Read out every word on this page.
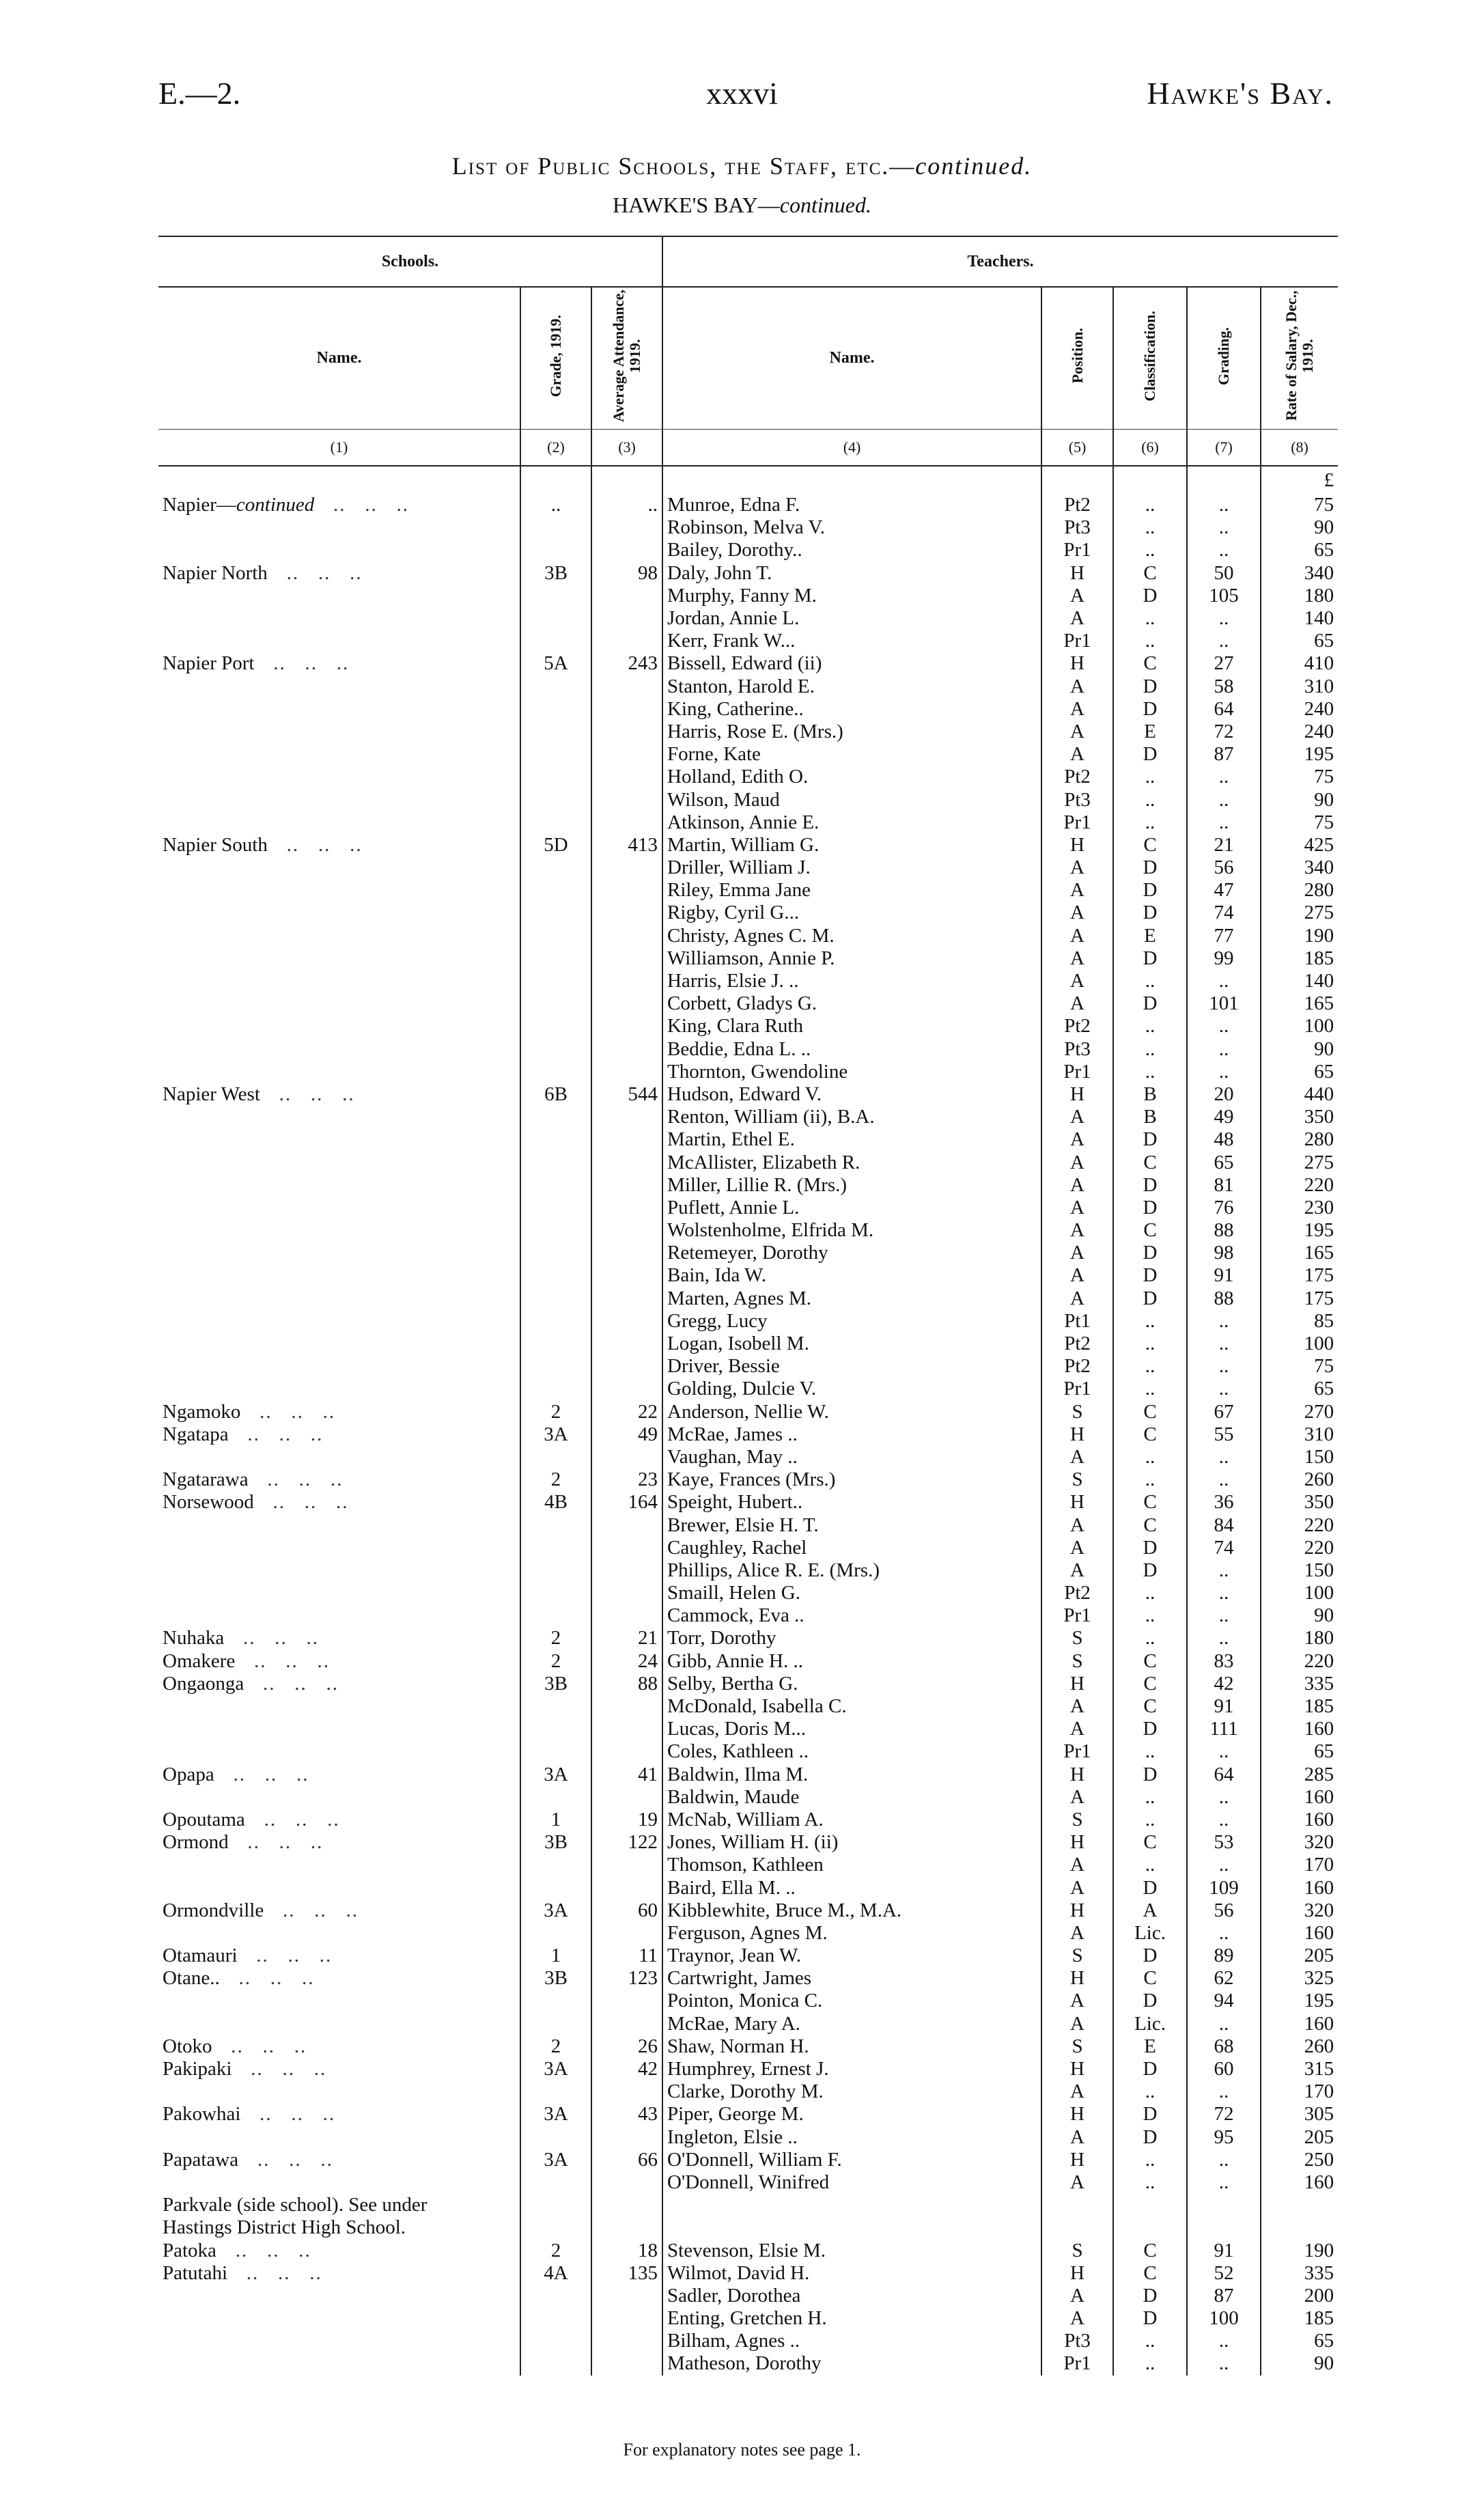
E.—2.	xxxvi	Hawke's Bay.
List of Public Schools, the Staff, etc.—continued.
HAWKE'S BAY—continued.
Schools.			Teachers.				
Name.	Grade, 1919.	Average Attendance, 1919.	Name.	Position.	Classification.	Grading.	Rate of Salary, Dec., 1919.
(1)	(2)	(3)	(4)	(5)	(6)	(7)	(8)
							£
Napier—continued   ..   ..   ..	..	..	Munroe, Edna F.	Pt2	..	..	75
			Robinson, Melva V.	Pt3	..	..	90
			Bailey, Dorothy..	Pr1	..	..	65
Napier North   ..   ..   ..	3B	98	Daly, John T.	H	C	50	340
			Murphy, Fanny M.	A	D	105	180
			Jordan, Annie L.	A	..	..	140
			Kerr, Frank W...	Pr1	..	..	65
Napier Port   ..   ..   ..	5A	243	Bissell, Edward (ii)	H	C	27	410
			Stanton, Harold E.	A	D	58	310
			King, Catherine..	A	D	64	240
			Harris, Rose E. (Mrs.)	A	E	72	240
			Forne, Kate	A	D	87	195
			Holland, Edith O.	Pt2	..	..	75
			Wilson, Maud	Pt3	..	..	90
			Atkinson, Annie E.	Pr1	..	..	75
Napier South   ..   ..   ..	5D	413	Martin, William G.	H	C	21	425
			Driller, William J.	A	D	56	340
			Riley, Emma Jane	A	D	47	280
			Rigby, Cyril G...	A	D	74	275
			Christy, Agnes C. M.	A	E	77	190
			Williamson, Annie P.	A	D	99	185
			Harris, Elsie J. ..	A	..	..	140
			Corbett, Gladys G.	A	D	101	165
			King, Clara Ruth	Pt2	..	..	100
			Beddie, Edna L. ..	Pt3	..	..	90
			Thornton, Gwendoline	Pr1	..	..	65
Napier West   ..   ..   ..	6B	544	Hudson, Edward V.	H	B	20	440
			Renton, William (ii), B.A.	A	B	49	350
			Martin, Ethel E.	A	D	48	280
			McAllister, Elizabeth R.	A	C	65	275
			Miller, Lillie R. (Mrs.)	A	D	81	220
			Puflett, Annie L.	A	D	76	230
			Wolstenholme, Elfrida M.	A	C	88	195
			Retemeyer, Dorothy	A	D	98	165
			Bain, Ida W.	A	D	91	175
			Marten, Agnes M.	A	D	88	175
			Gregg, Lucy	Pt1	..	..	85
			Logan, Isobell M.	Pt2	..	..	100
			Driver, Bessie	Pt2	..	..	75
			Golding, Dulcie V.	Pr1	..	..	65
Ngamoko   ..   ..   ..	2	22	Anderson, Nellie W.	S	C	67	270
Ngatapa   ..   ..   ..	3A	49	McRae, James ..	H	C	55	310
			Vaughan, May ..	A	..	..	150
Ngatarawa   ..   ..   ..	2	23	Kaye, Frances (Mrs.)	S	..	..	260
Norsewood   ..   ..   ..	4B	164	Speight, Hubert..	H	C	36	350
			Brewer, Elsie H. T.	A	C	84	220
			Caughley, Rachel	A	D	74	220
			Phillips, Alice R. E. (Mrs.)	A	D	..	150
			Smaill, Helen G.	Pt2	..	..	100
			Cammock, Eva ..	Pr1	..	..	90
Nuhaka   ..   ..   ..	2	21	Torr, Dorothy	S	..	..	180
Omakere   ..   ..   ..	2	24	Gibb, Annie H. ..	S	C	83	220
Ongaonga   ..   ..   ..	3B	88	Selby, Bertha G.	H	C	42	335
			McDonald, Isabella C.	A	C	91	185
			Lucas, Doris M...	A	D	111	160
			Coles, Kathleen ..	Pr1	..	..	65
Opapa   ..   ..   ..	3A	41	Baldwin, Ilma M.	H	D	64	285
			Baldwin, Maude	A	..	..	160
Opoutama   ..   ..   ..	1	19	McNab, William A.	S	..	..	160
Ormond   ..   ..   ..	3B	122	Jones, William H. (ii)	H	C	53	320
			Thomson, Kathleen	A	..	..	170
			Baird, Ella M. ..	A	D	109	160
Ormondville   ..   ..   ..	3A	60	Kibblewhite, Bruce M., M.A.	H	A	56	320
			Ferguson, Agnes M.	A	Lic.	..	160
Otamauri   ..   ..   ..	1	11	Traynor, Jean W.	S	D	89	205
Otane..   ..   ..   ..	3B	123	Cartwright, James	H	C	62	325
			Pointon, Monica C.	A	D	94	195
			McRae, Mary A.	A	Lic.	..	160
Otoko   ..   ..   ..	2	26	Shaw, Norman H.	S	E	68	260
Pakipaki   ..   ..   ..	3A	42	Humphrey, Ernest J.	H	D	60	315
			Clarke, Dorothy M.	A	..	..	170
Pakowhai   ..   ..   ..	3A	43	Piper, George M.	H	D	72	305
			Ingleton, Elsie ..	A	D	95	205
Papatawa   ..   ..   ..	3A	66	O'Donnell, William F.	H	..	..	250
			O'Donnell, Winifred	A	..	..	160
Parkvale (side school). See under							
Hastings District High School.							
Patoka   ..   ..   ..	2	18	Stevenson, Elsie M.	S	C	91	190
Patutahi   ..   ..   ..	4A	135	Wilmot, David H.	H	C	52	335
			Sadler, Dorothea	A	D	87	200
			Enting, Gretchen H.	A	D	100	185
			Bilham, Agnes ..	Pt3	..	..	65
			Matheson, Dorothy	Pr1	..	..	90
For explanatory notes see page 1.
